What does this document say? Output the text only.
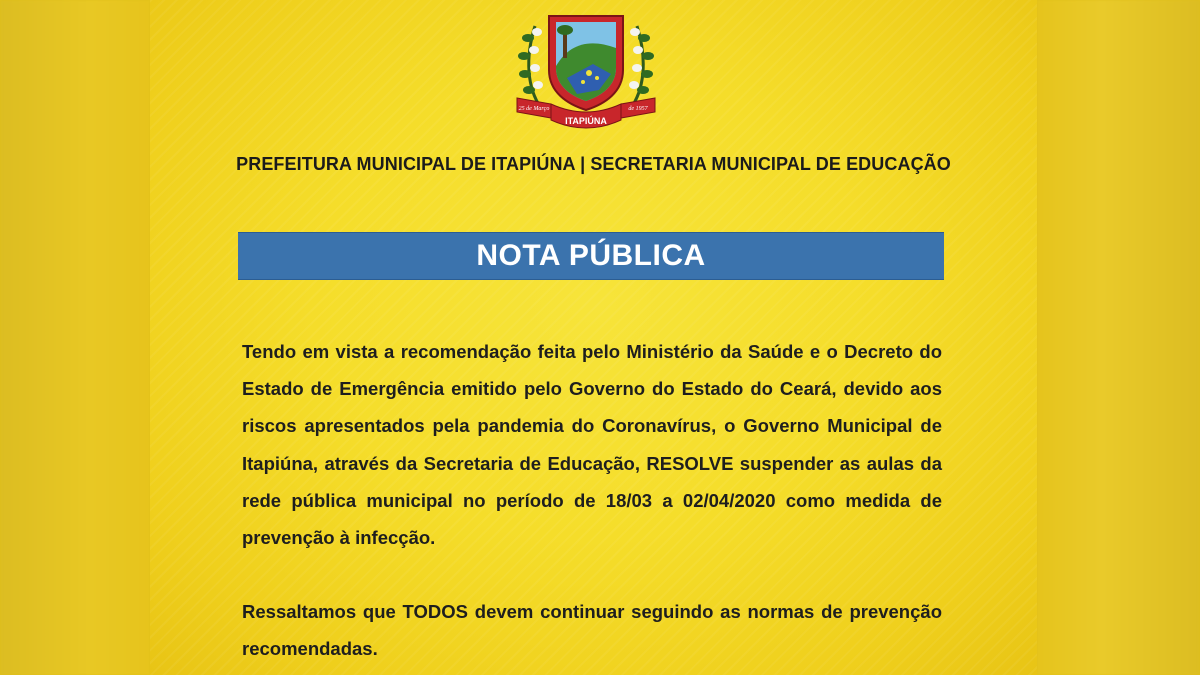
25 de Março	de 1957
ITAPIÚNA
PREFEITURA MUNICIPAL DE ITAPIÚNA | SECRETARIA MUNICIPAL DE EDUCAÇÃO
NOTA PÚBLICA

Tendo em vista a recomendação feita pelo Ministério da Saúde e o Decreto do Estado de Emergência emitido pelo Governo do Estado do Ceará, devido aos riscos apresentados pela pandemia do Coronavírus, o Governo Municipal de Itapiúna, através da Secretaria de Educação, RESOLVE suspender as aulas da rede pública municipal no período de 18/03 a 02/04/2020 como medida de prevenção à infecção.

Ressaltamos que TODOS devem continuar seguindo as normas de prevenção recomendadas.
